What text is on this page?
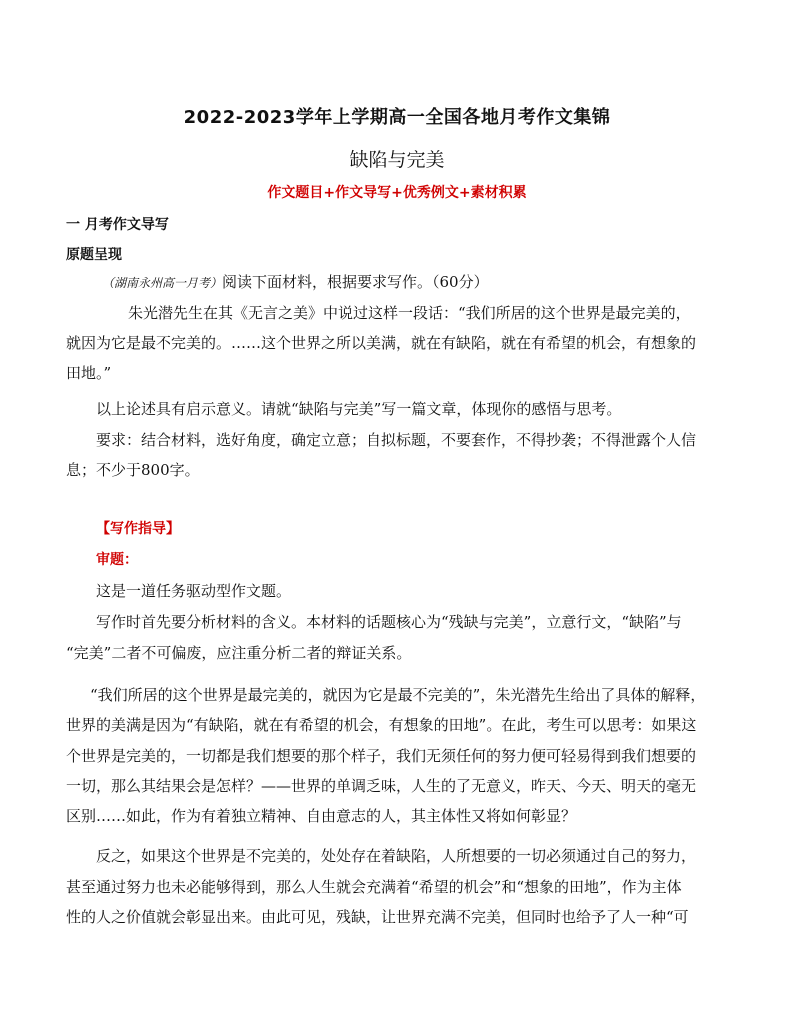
2022-2023学年上学期高一全国各地月考作文集锦
缺陷与完美
作文题目+作文导写+优秀例文+素材积累
一 月考作文导写
原题呈现
（湖南永州高一月考）阅读下面材料，根据要求写作。（60分）
朱光潜先生在其《无言之美》中说过这样一段话：“我们所居的这个世界是最完美的，
就因为它是最不完美的。……这个世界之所以美满，就在有缺陷，就在有希望的机会，有想象的
田地。”
以上论述具有启示意义。请就“缺陷与完美”写一篇文章，体现你的感悟与思考。
要求：结合材料，选好角度，确定立意；自拟标题，不要套作，不得抄袭；不得泄露个人信
息；不少于800字。
【写作指导】
审题：
这是一道任务驱动型作文题。
写作时首先要分析材料的含义。本材料的话题核心为“残缺与完美”，立意行文，“缺陷”与
“完美”二者不可偏废，应注重分析二者的辩证关系。
“我们所居的这个世界是最完美的，就因为它是最不完美的”，朱光潜先生给出了具体的解释，
世界的美满是因为“有缺陷，就在有希望的机会，有想象的田地”。在此，考生可以思考：如果这
个世界是完美的，一切都是我们想要的那个样子，我们无须任何的努力便可轻易得到我们想要的
一切，那么其结果会是怎样？——世界的单调乏味，人生的了无意义，昨天、今天、明天的毫无
区别……如此，作为有着独立精神、自由意志的人，其主体性又将如何彰显？
反之，如果这个世界是不完美的，处处存在着缺陷，人所想要的一切必须通过自己的努力，
甚至通过努力也未必能够得到，那么人生就会充满着“希望的机会”和“想象的田地”，作为主体
性的人之价值就会彰显出来。由此可见，残缺，让世界充满不完美，但同时也给予了人一种“可
